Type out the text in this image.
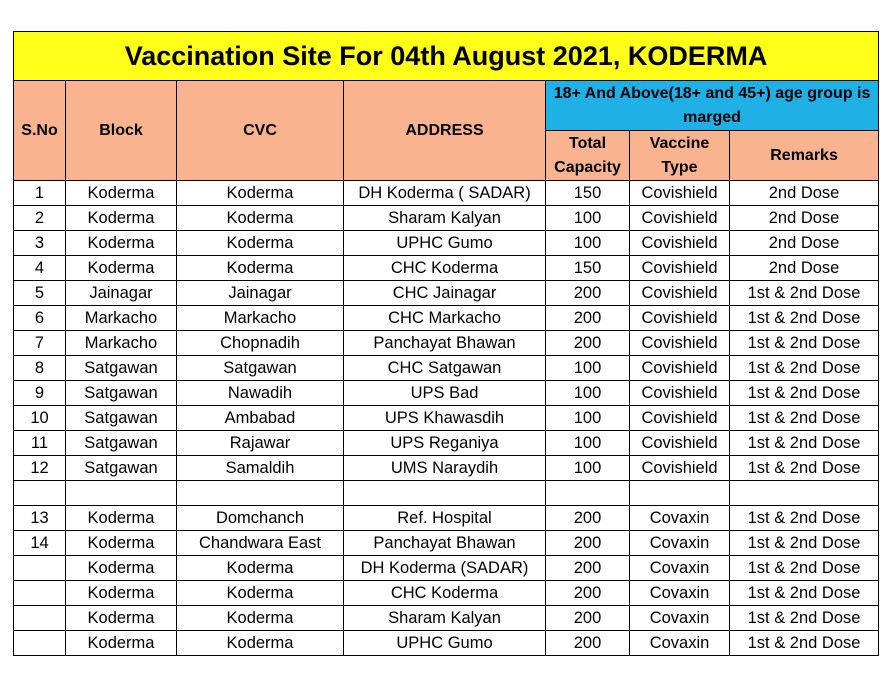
Vaccination Site For 04th August 2021, KODERMA						
S.No	Block	CVC	ADDRESS	18+ And Above(18+ and 45+) age group is marged		
				Total Capacity	Vaccine Type	Remarks
1	Koderma	Koderma	DH Koderma ( SADAR)	150	Covishield	2nd Dose
2	Koderma	Koderma	Sharam Kalyan	100	Covishield	2nd Dose
3	Koderma	Koderma	UPHC Gumo	100	Covishield	2nd Dose
4	Koderma	Koderma	CHC Koderma	150	Covishield	2nd Dose
5	Jainagar	Jainagar	CHC Jainagar	200	Covishield	1st & 2nd Dose
6	Markacho	Markacho	CHC Markacho	200	Covishield	1st & 2nd Dose
7	Markacho	Chopnadih	Panchayat Bhawan	200	Covishield	1st & 2nd Dose
8	Satgawan	Satgawan	CHC Satgawan	100	Covishield	1st & 2nd Dose
9	Satgawan	Nawadih	UPS Bad	100	Covishield	1st & 2nd Dose
10	Satgawan	Ambabad	UPS Khawasdih	100	Covishield	1st & 2nd Dose
11	Satgawan	Rajawar	UPS Reganiya	100	Covishield	1st & 2nd Dose
12	Satgawan	Samaldih	UMS Naraydih	100	Covishield	1st & 2nd Dose

13	Koderma	Domchanch	Ref. Hospital	200	Covaxin	1st & 2nd Dose
14	Koderma	Chandwara East	Panchayat Bhawan	200	Covaxin	1st & 2nd Dose
	Koderma	Koderma	DH Koderma (SADAR)	200	Covaxin	1st & 2nd Dose
	Koderma	Koderma	CHC Koderma	200	Covaxin	1st & 2nd Dose
	Koderma	Koderma	Sharam Kalyan	200	Covaxin	1st & 2nd Dose
	Koderma	Koderma	UPHC Gumo	200	Covaxin	1st & 2nd Dose
